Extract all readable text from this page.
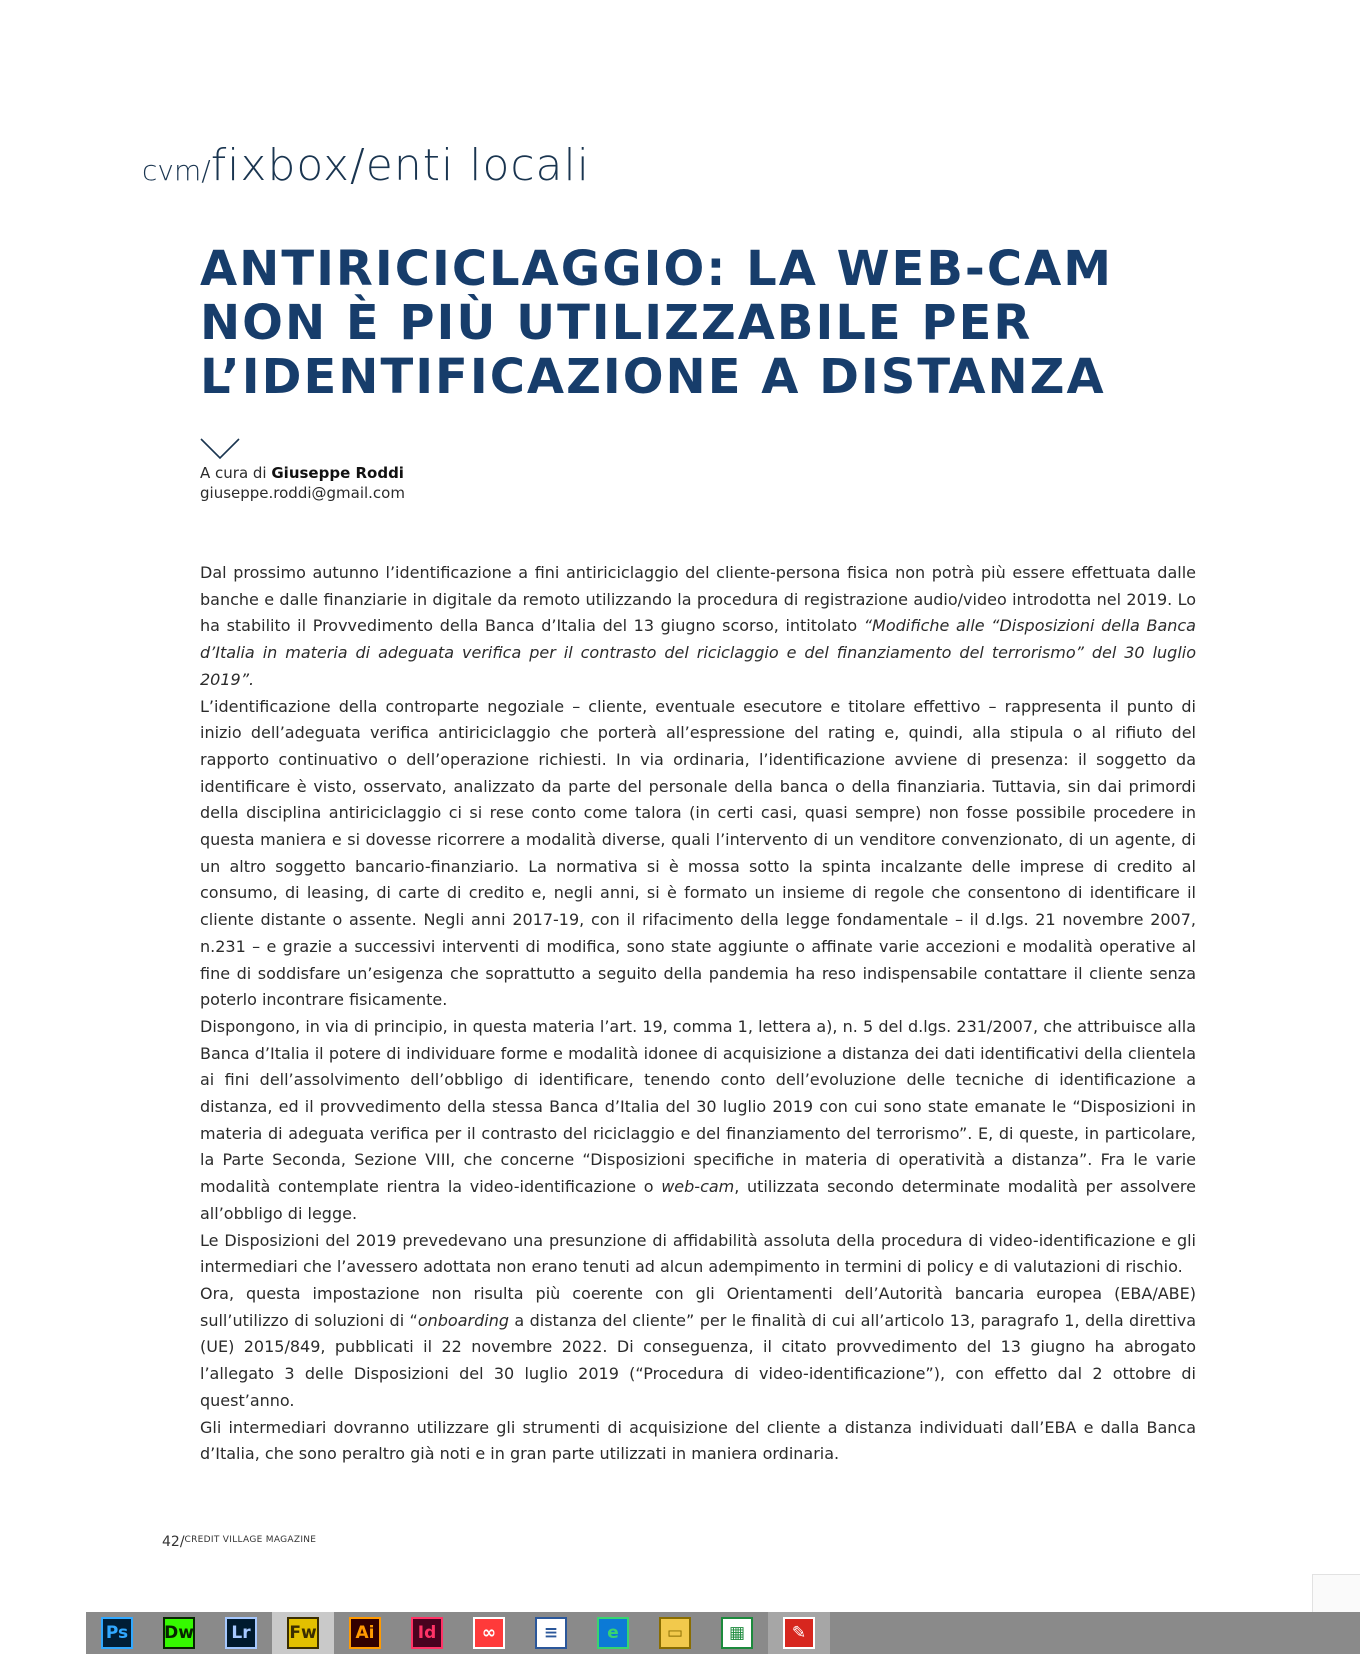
cvm/fixbox/enti locali
ANTIRICICLAGGIO: LA WEB-CAM
NON È PIÙ UTILIZZABILE PER
L’IDENTIFICAZIONE A DISTANZA
A cura di Giuseppe Roddi
giuseppe.roddi@gmail.com

Dal prossimo autunno l’identificazione a fini antiriciclaggio del cliente-persona fisica non potrà più essere effettuata dalle banche e dalle finanziarie in digitale da remoto utilizzando la procedura di registrazione audio/video introdotta nel 2019. Lo ha stabilito il Provvedimento della Banca d’Italia del 13 giugno scorso, intitolato “Modifiche alle “Disposizioni della Banca d’Italia in materia di adeguata verifica per il contrasto del riciclaggio e del finanziamento del terrorismo” del 30 luglio 2019”.

L’identificazione della controparte negoziale – cliente, eventuale esecutore e titolare effettivo – rappresenta il punto di inizio dell’adeguata verifica antiriciclaggio che porterà all’espressione del rating e, quindi, alla stipula o al rifiuto del rapporto continuativo o dell’operazione richiesti. In via ordinaria, l’identificazione avviene di presenza: il soggetto da identificare è visto, osservato, analizzato da parte del personale della banca o della finanziaria. Tuttavia, sin dai primordi della disciplina antiriciclaggio ci si rese conto come talora (in certi casi, quasi sempre) non fosse possibile procedere in questa maniera e si dovesse ricorrere a modalità diverse, quali l’intervento di un venditore convenzionato, di un agente, di un altro soggetto bancario-finanziario. La normativa si è mossa sotto la spinta incalzante delle imprese di credito al consumo, di leasing, di carte di credito e, negli anni, si è formato un insieme di regole che consentono di identificare il cliente distante o assente. Negli anni 2017-19, con il rifacimento della legge fondamentale – il d.lgs. 21 novembre 2007, n.231 – e grazie a successivi interventi di modifica, sono state aggiunte o affinate varie accezioni e modalità operative al fine di soddisfare un’esigenza che soprattutto a seguito della pandemia ha reso indispensabile contattare il cliente senza poterlo incontrare fisicamente.

Dispongono, in via di principio, in questa materia l’art. 19, comma 1, lettera a), n. 5 del d.lgs. 231/2007, che attribuisce alla Banca d’Italia il potere di individuare forme e modalità idonee di acquisizione a distanza dei dati identificativi della clientela ai fini dell’assolvimento dell’obbligo di identificare, tenendo conto dell’evoluzione delle tecniche di identificazione a distanza, ed il provvedimento della stessa Banca d’Italia del 30 luglio 2019 con cui sono state emanate le “Disposizioni in materia di adeguata verifica per il contrasto del riciclaggio e del finanziamento del terrorismo”. E, di queste, in particolare, la Parte Seconda, Sezione VIII, che concerne “Disposizioni specifiche in materia di operatività a distanza”. Fra le varie modalità contemplate rientra la video-identificazione o web-cam, utilizzata secondo determinate modalità per assolvere all’obbligo di legge.

Le Disposizioni del 2019 prevedevano una presunzione di affidabilità assoluta della procedura di video-identificazione e gli intermediari che l’avessero adottata non erano tenuti ad alcun adempimento in termini di policy e di valutazioni di rischio.

Ora, questa impostazione non risulta più coerente con gli Orientamenti dell’Autorità bancaria europea (EBA/ABE) sull’utilizzo di soluzioni di “onboarding a distanza del cliente” per le finalità di cui all’articolo 13, paragrafo 1, della direttiva (UE) 2015/849, pubblicati il 22 novembre 2022. Di conseguenza, il citato provvedimento del 13 giugno ha abrogato l’allegato 3 delle Disposizioni del 30 luglio 2019 (“Procedura di video-identificazione”), con effetto dal 2 ottobre di quest’anno.

Gli intermediari dovranno utilizzare gli strumenti di acquisizione del cliente a distanza individuati dall’EBA e dalla Banca d’Italia, che sono peraltro già noti e in gran parte utilizzati in maniera ordinaria.

42/$^{CREDIT VILLAGE MAGAZINE}$
Ps Dw	Lr	Fw	Ai	Id	∞	≡	e	▭	▦	✎
